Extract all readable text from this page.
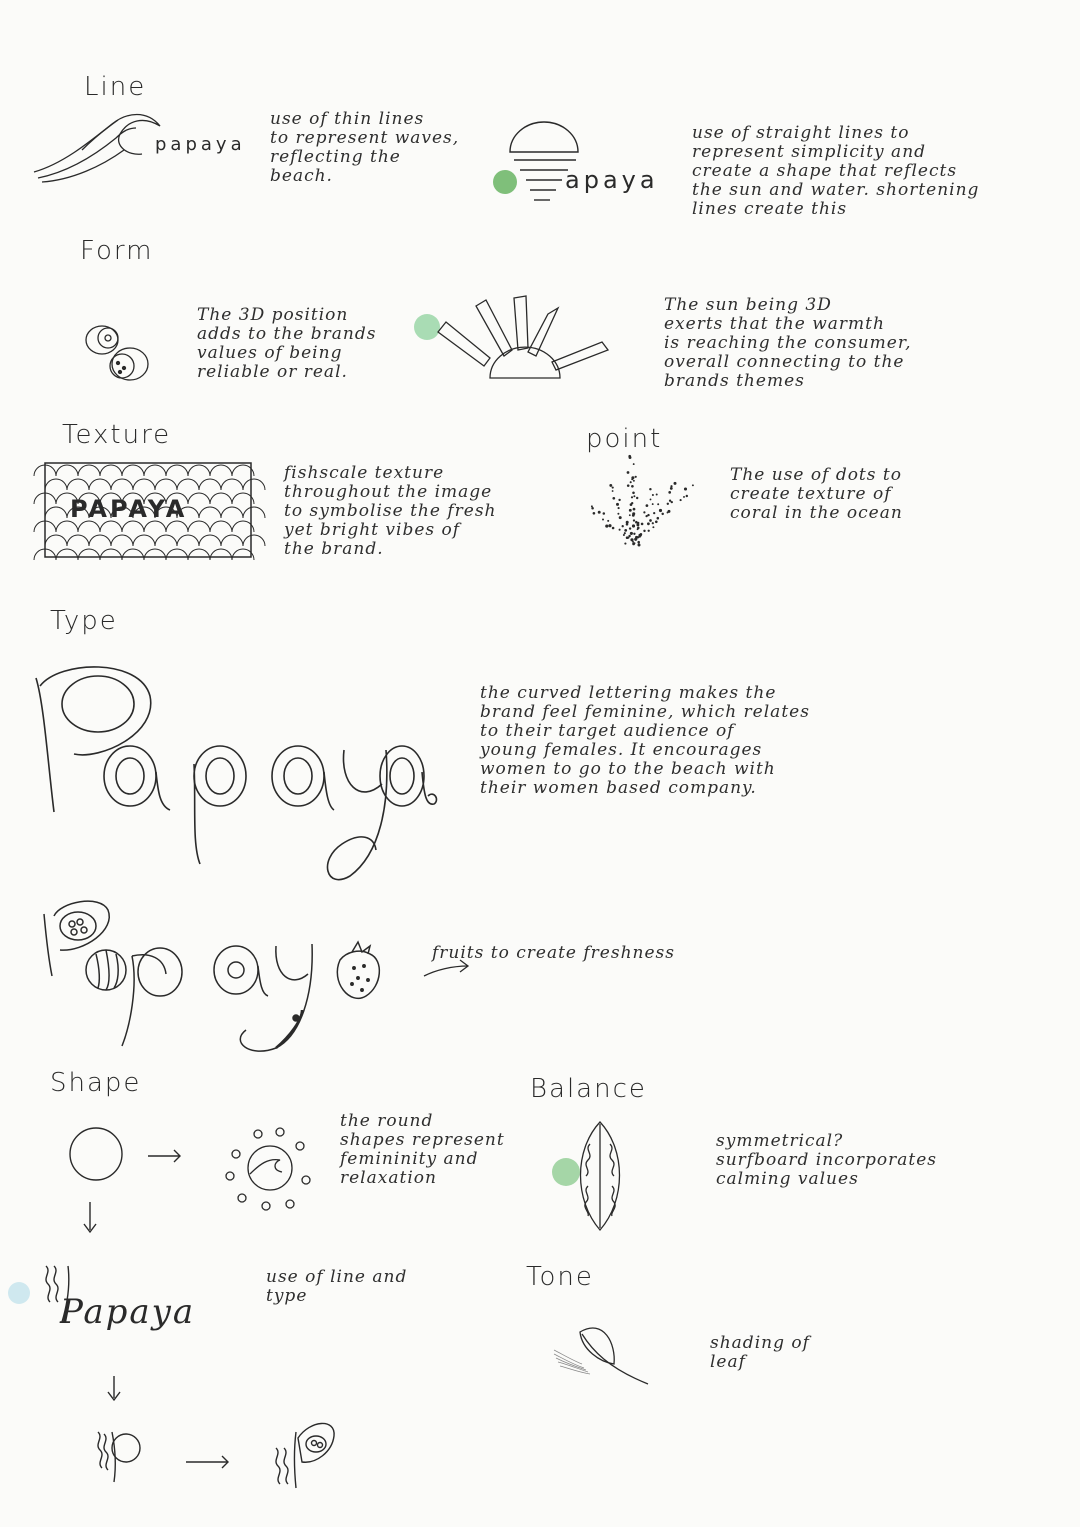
Line
papaya
use of thin lines
to represent waves,
reflecting the
beach.	apaya
use of straight lines to
represent simplicity and
create a shape that reflects
the sun and water. shortening
lines create this
Form
The 3D position
adds to the brands
values of being
reliable or real.
The sun being 3D
exerts that the warmth
is reaching the consumer,
overall connecting to the
brands themes
Texture
PAPAYA
fishscale texture
throughout the image
to symbolise the fresh
yet bright vibes of
the brand.
point
The use of dots to
create texture of
coral in the ocean
Type
the curved lettering makes the
brand feel feminine, which relates
to their target audience of
young females. It encourages
women to go to the beach with
their women based company.
fruits to create freshness
Shape
the round
shapes represent
femininity and
relaxation
Balance
symmetrical?
surfboard incorporates
calming values
Papaya
use of line and
type
Tone
shading of
leaf
